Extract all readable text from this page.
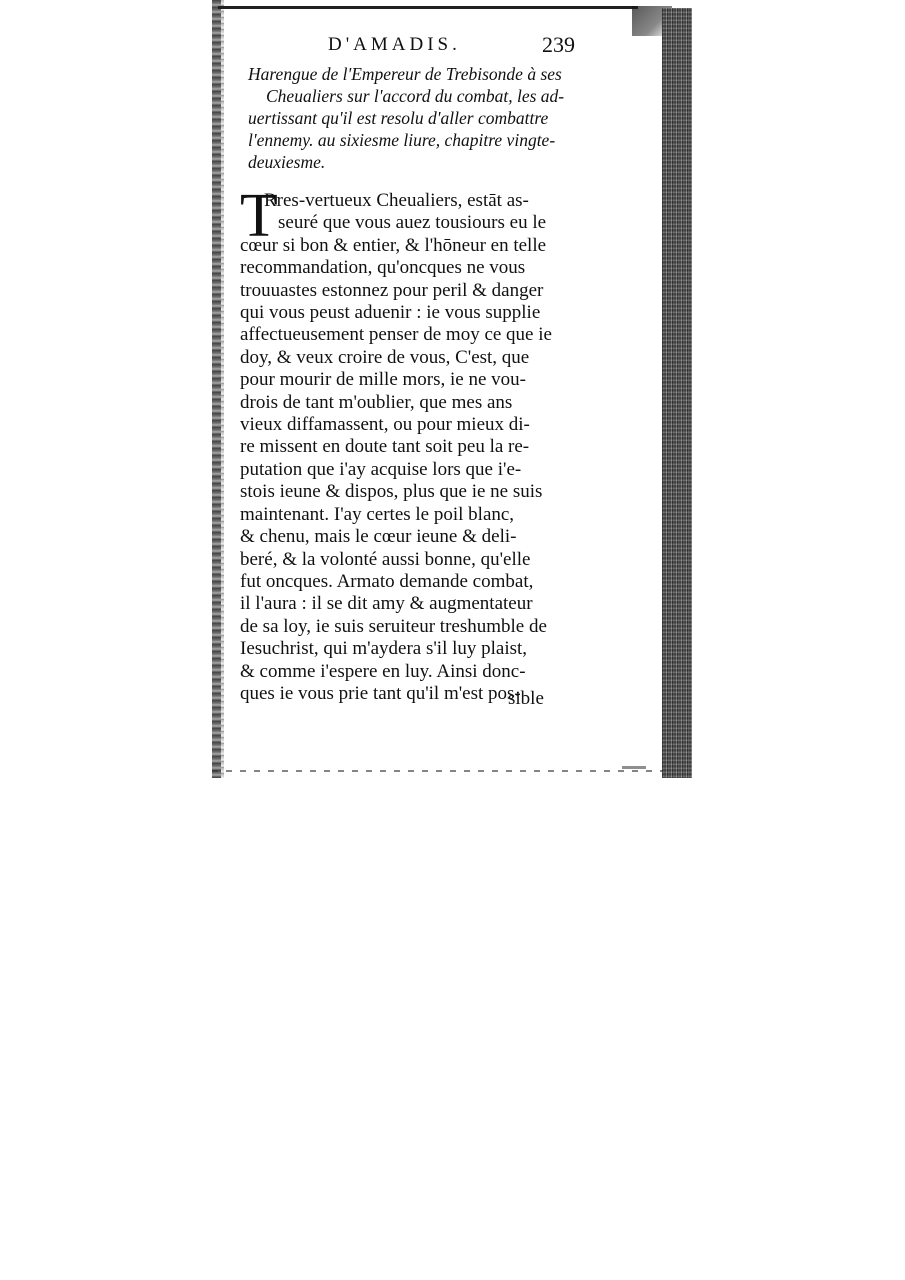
D'AMADIS.	239
Harengue de l'Empereur de Trebisonde à ses
Cheualiers sur l'accord du combat, les ad-
uertissant qu'il est resolu d'aller combattre
l'ennemy. au sixiesme liure, chapitre vingte-
deuxiesme.
T
Rres-vertueux Cheualiers, estāt as-
seuré que vous auez tousiours eu le
cœur si bon & entier, & l'hōneur en telle
recommandation, qu'oncques ne vous
trouuastes estonnez pour peril & danger
qui vous peust aduenir : ie vous supplie
affectueusement penser de moy ce que ie
doy, & veux croire de vous, C'est, que
pour mourir de mille mors, ie ne vou-
drois de tant m'oublier, que mes ans
vieux diffamassent, ou pour mieux di-
re missent en doute tant soit peu la re-
putation que i'ay acquise lors que i'e-
stois ieune & dispos, plus que ie ne suis
maintenant. I'ay certes le poil blanc,
& chenu, mais le cœur ieune & deli-
beré, & la volonté aussi bonne, qu'elle
fut oncques. Armato demande combat,
il l'aura : il se dit amy & augmentateur
de sa loy, ie suis seruiteur treshumble de
Iesuchrist, qui m'aydera s'il luy plaist,
& comme i'espere en luy. Ainsi donc-
ques ie vous prie tant qu'il m'est pos-
sible
